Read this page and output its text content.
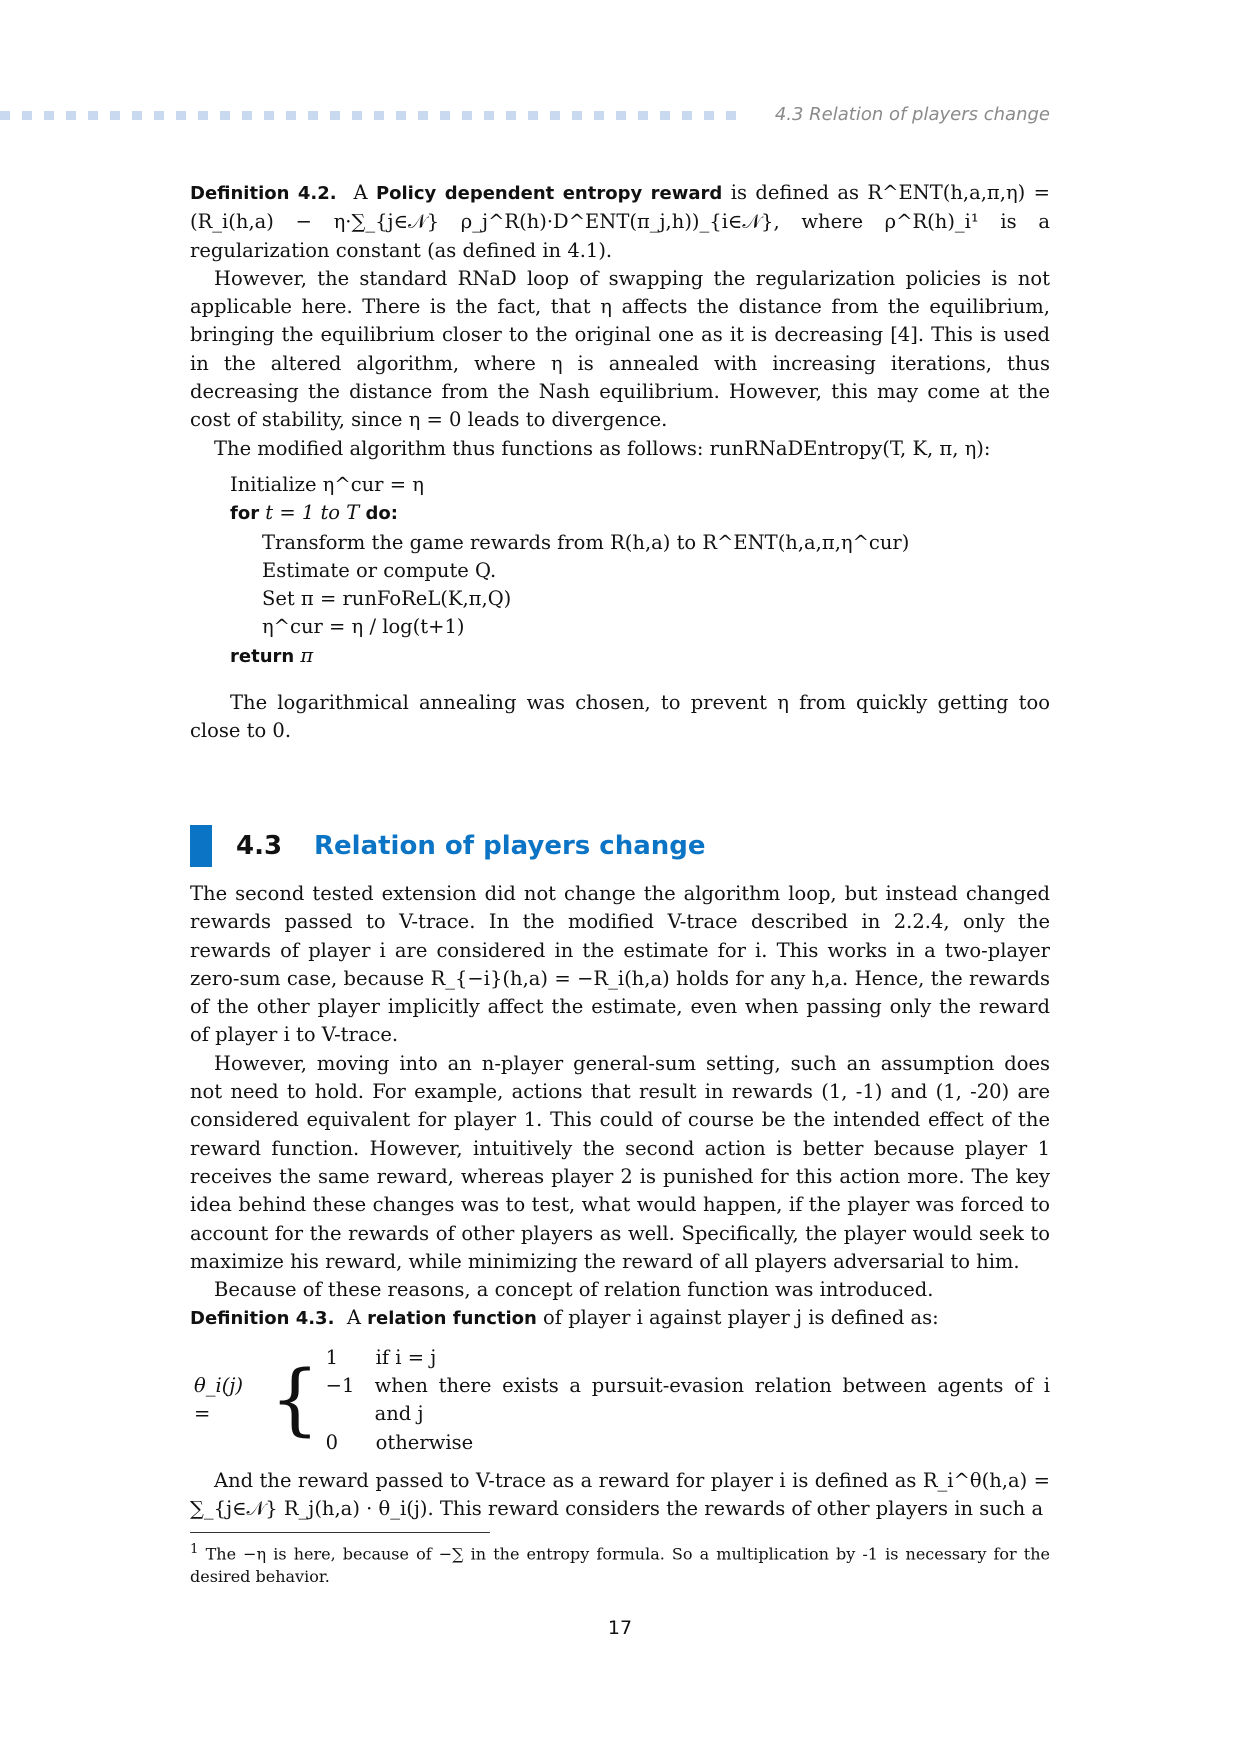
4.3 Relation of players change

Definition 4.2. A Policy dependent entropy reward is defined as R^ENT(h,a,π,η) = (R_i(h,a) − η·∑_{j∈𝒩} ρ_j^R(h)·D^ENT(π_j,h))_{i∈𝒩}, where ρ^R(h)_i¹ is a regularization constant (as defined in 4.1).

However, the standard RNaD loop of swapping the regularization policies is not applicable here. There is the fact, that η affects the distance from the equilibrium, bringing the equilibrium closer to the original one as it is decreasing [4]. This is used in the altered algorithm, where η is annealed with increasing iterations, thus decreasing the distance from the Nash equilibrium. However, this may come at the cost of stability, since η = 0 leads to divergence.

The modified algorithm thus functions as follows: runRNaDEntropy(T, K, π, η):

Initialize η^cur = η
for t = 1 to T do:
Transform the game rewards from R(h,a) to R^ENT(h,a,π,η^cur)
Estimate or compute Q.
Set π = runFoReL(K,π,Q)
η^cur = η / log(t+1)
return π

The logarithmical annealing was chosen, to prevent η from quickly getting too close to 0.

4.3 Relation of players change

The second tested extension did not change the algorithm loop, but instead changed rewards passed to V-trace. In the modified V-trace described in 2.2.4, only the rewards of player i are considered in the estimate for i. This works in a two-player zero-sum case, because R_{−i}(h,a) = −R_i(h,a) holds for any h,a. Hence, the rewards of the other player implicitly affect the estimate, even when passing only the reward of player i to V-trace.

However, moving into an n-player general-sum setting, such an assumption does not need to hold. For example, actions that result in rewards (1, -1) and (1, -20) are considered equivalent for player 1. This could of course be the intended effect of the reward function. However, intuitively the second action is better because player 1 receives the same reward, whereas player 2 is punished for this action more. The key idea behind these changes was to test, what would happen, if the player was forced to account for the rewards of other players as well. Specifically, the player would seek to maximize his reward, while minimizing the reward of all players adversarial to him.

Because of these reasons, a concept of relation function was introduced.

Definition 4.3. A relation function of player i against player j is defined as:

θ_i(j) = { 1	if i = j
−1	when there exists a pursuit-evasion relation between agents of i and j
0	otherwise

And the reward passed to V-trace as a reward for player i is defined as R_i^θ(h,a) = ∑_{j∈𝒩} R_j(h,a) · θ_i(j). This reward considers the rewards of other players in such a

$^1$ The −η is here, because of −∑ in the entropy formula. So a multiplication by -1 is necessary for the desired behavior.
17
